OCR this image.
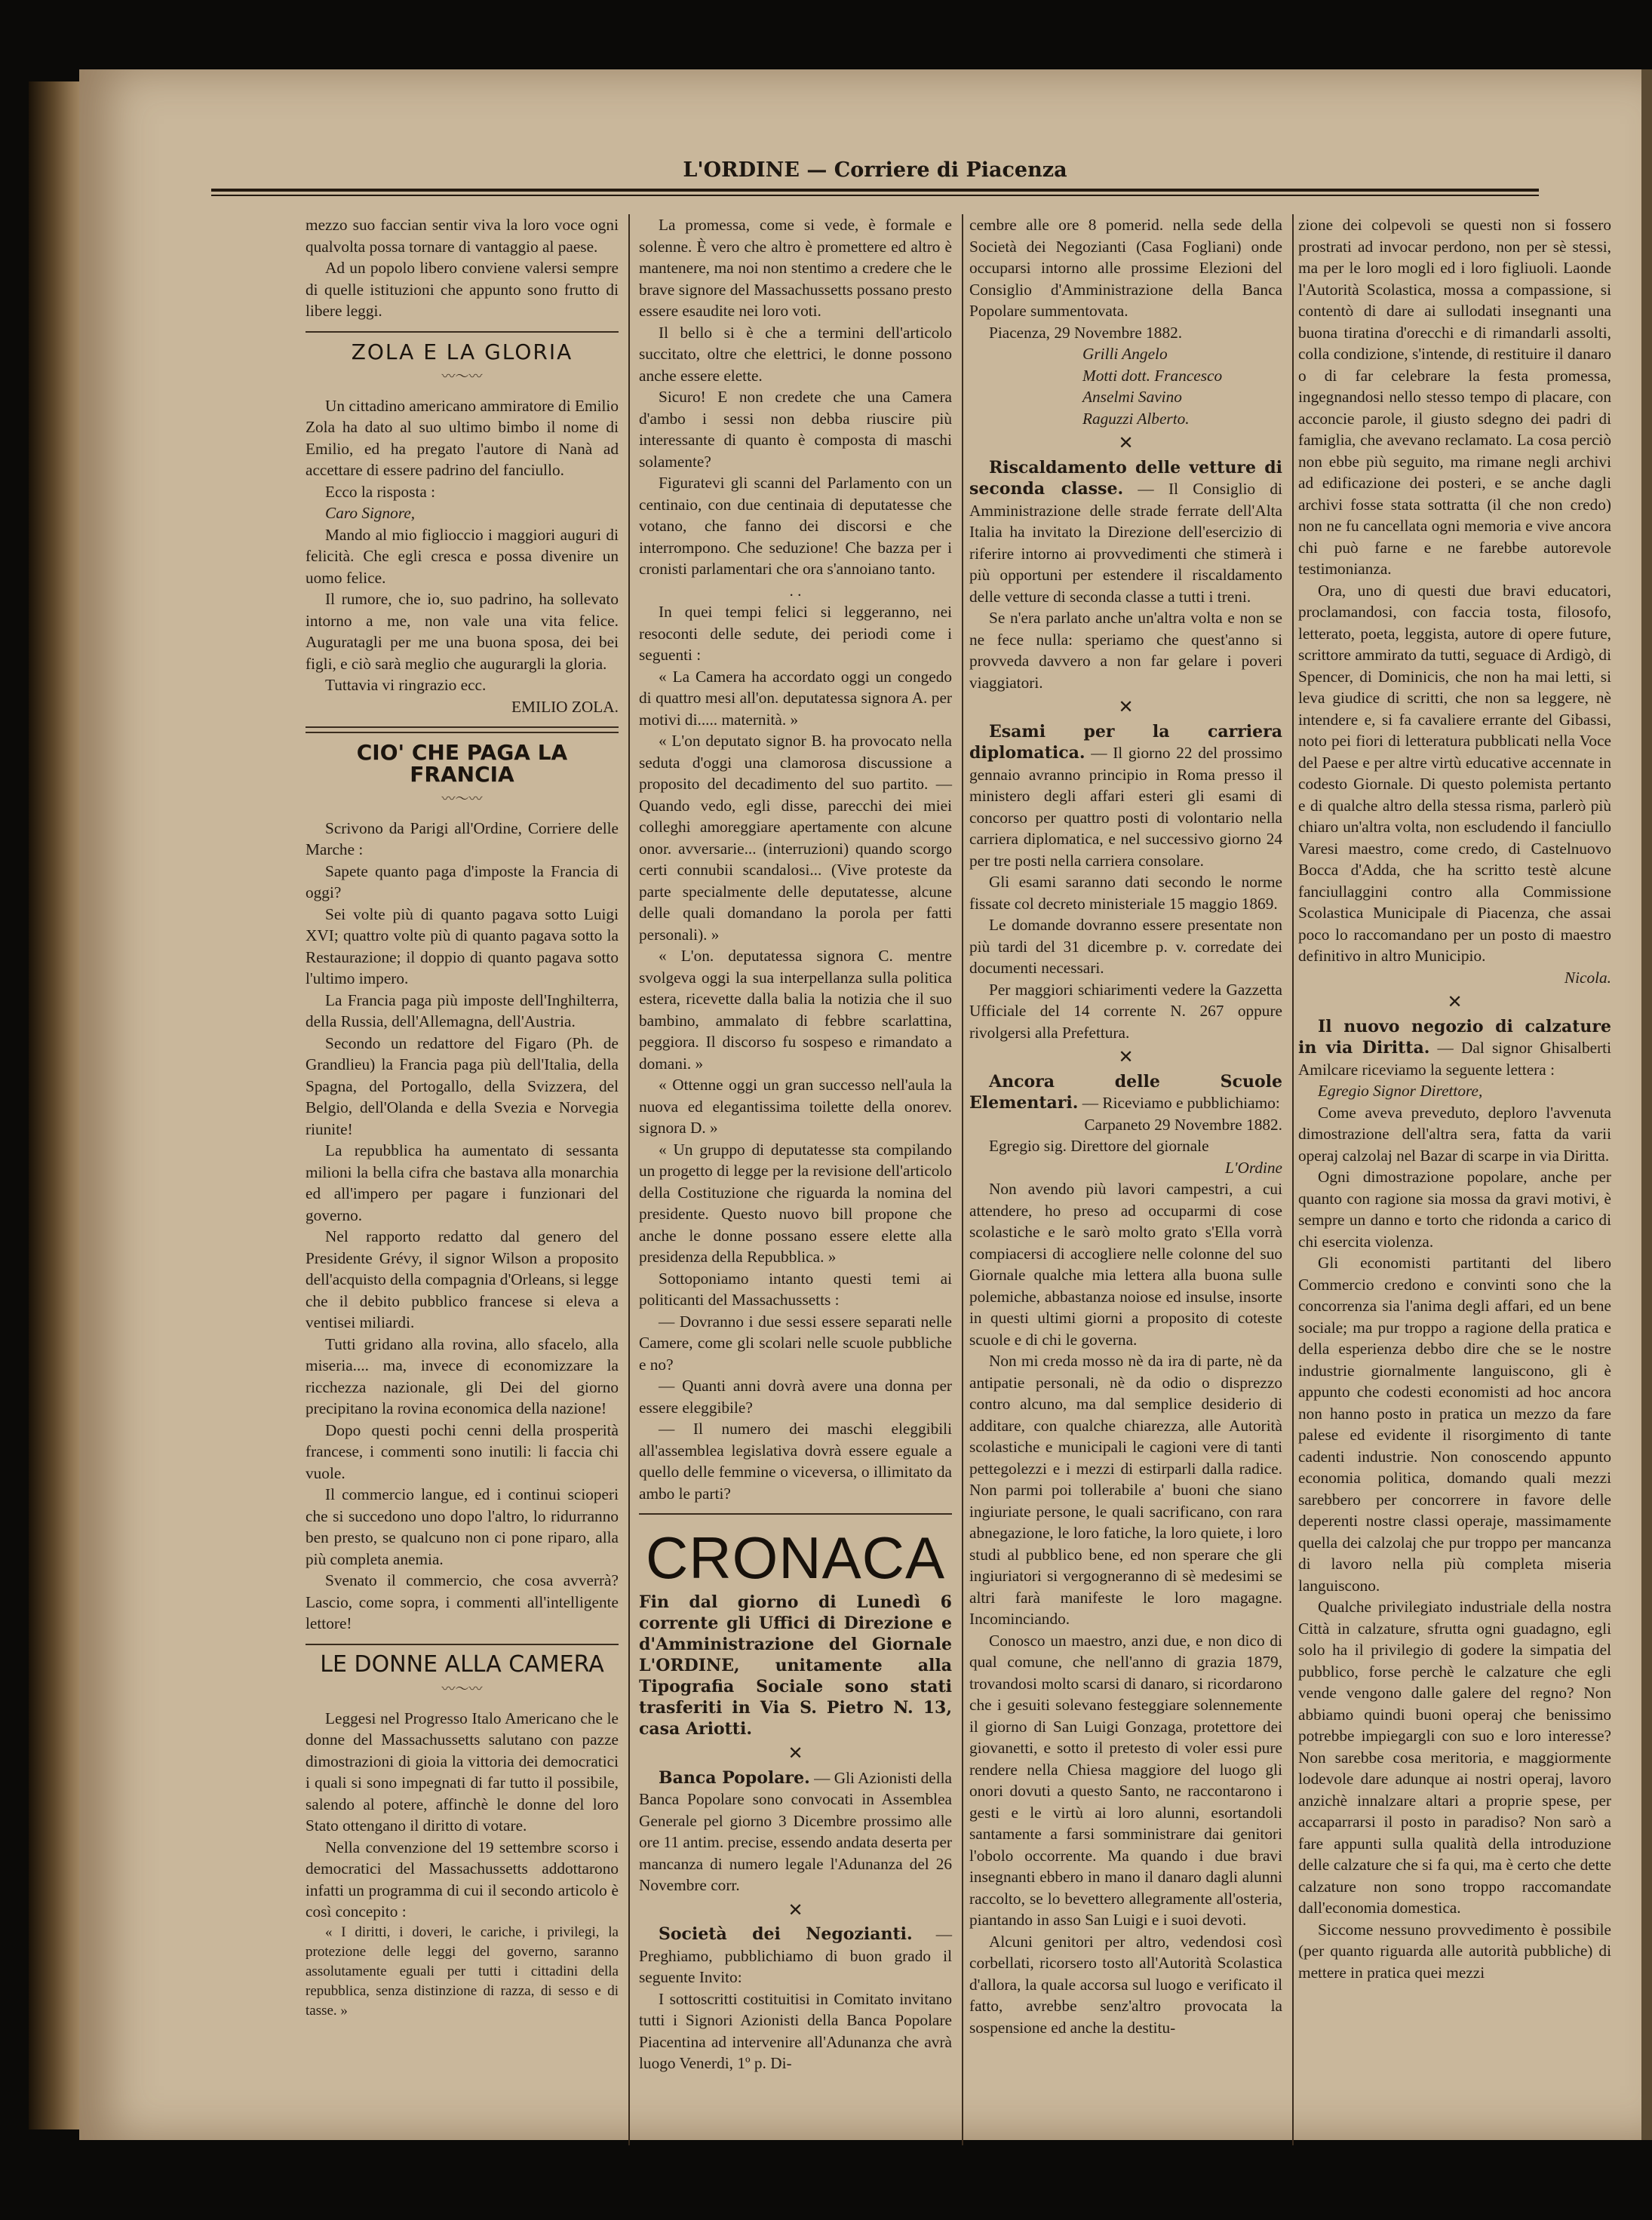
L'ORDINE — Corriere di Piacenza

mezzo suo faccian sentir viva la loro voce ogni qualvolta possa tornare di vantaggio al paese.

Ad un popolo libero conviene valersi sempre di quelle istituzioni che appunto sono frutto di libere leggi.

ZOLA E LA GLORIA
〰〜〰

Un cittadino americano ammiratore di Emilio Zola ha dato al suo ultimo bimbo il nome di Emilio, ed ha pregato l'autore di Nanà ad accettare di essere padrino del fanciullo.

Ecco la risposta :

Caro Signore,

Mando al mio figlioccio i maggiori auguri di felicità. Che egli cresca e possa divenire un uomo felice.

Il rumore, che io, suo padrino, ha sollevato intorno a me, non vale una vita felice. Auguratagli per me una buona sposa, dei bei figli, e ciò sarà meglio che augurargli la gloria.

Tuttavia vi ringrazio ecc.

EMILIO ZOLA.

CIO' CHE PAGA LA FRANCIA
〰〜〰

Scrivono da Parigi all'Ordine, Corriere delle Marche :

Sapete quanto paga d'imposte la Francia di oggi?

Sei volte più di quanto pagava sotto Luigi XVI; quattro volte più di quanto pagava sotto la Restaurazione; il doppio di quanto pagava sotto l'ultimo impero.

La Francia paga più imposte dell'Inghilterra, della Russia, dell'Allemagna, dell'Austria.

Secondo un redattore del Figaro (Ph. de Grandlieu) la Francia paga più dell'Italia, della Spagna, del Portogallo, della Svizzera, del Belgio, dell'Olanda e della Svezia e Norvegia riunite!

La repubblica ha aumentato di sessanta milioni la bella cifra che bastava alla monarchia ed all'impero per pagare i funzionari del governo.

Nel rapporto redatto dal genero del Presidente Grévy, il signor Wilson a proposito dell'acquisto della compagnia d'Orleans, si legge che il debito pubblico francese si eleva a ventisei miliardi.

Tutti gridano alla rovina, allo sfacelo, alla miseria.... ma, invece di economizzare la ricchezza nazionale, gli Dei del giorno precipitano la rovina economica della nazione!

Dopo questi pochi cenni della prosperità francese, i commenti sono inutili: li faccia chi vuole.

Il commercio langue, ed i continui scioperi che si succedono uno dopo l'altro, lo ridurranno ben presto, se qualcuno non ci pone riparo, alla più completa anemia.

Svenato il commercio, che cosa avverrà? Lascio, come sopra, i commenti all'intelligente lettore!

LE DONNE ALLA CAMERA
〰〜〰

Leggesi nel Progresso Italo Americano che le donne del Massachussetts salutano con pazze dimostrazioni di gioia la vittoria dei democratici i quali si sono impegnati di far tutto il possibile, salendo al potere, affinchè le donne del loro Stato ottengano il diritto di votare.

Nella convenzione del 19 settembre scorso i democratici del Massachussetts addottarono infatti un programma di cui il secondo articolo è così concepito :

« I diritti, i doveri, le cariche, i privilegi, la protezione delle leggi del governo, saranno assolutamente eguali per tutti i cittadini della repubblica, senza distinzione di razza, di sesso e di tasse. »

La promessa, come si vede, è formale e solenne. È vero che altro è promettere ed altro è mantenere, ma noi non stentimo a credere che le brave signore del Massachussetts possano presto essere esaudite nei loro voti.

Il bello si è che a termini dell'articolo succitato, oltre che elettrici, le donne possono anche essere elette.

Sicuro! E non credete che una Camera d'ambo i sessi non debba riuscire più interessante di quanto è composta di maschi solamente?

Figuratevi gli scanni del Parlamento con un centinaio, con due centinaia di deputatesse che votano, che fanno dei discorsi e che interrompono. Che seduzione! Che bazza per i cronisti parlamentari che ora s'annoiano tanto.

. .

In quei tempi felici si leggeranno, nei resoconti delle sedute, dei periodi come i seguenti :

« La Camera ha accordato oggi un congedo di quattro mesi all'on. deputatessa signora A. per motivi di..... maternità. »

« L'on deputato signor B. ha provocato nella seduta d'oggi una clamorosa discussione a proposito del decadimento del suo partito. — Quando vedo, egli disse, parecchi dei miei colleghi amoreggiare apertamente con alcune onor. avversarie... (interruzioni) quando scorgo certi connubii scandalosi... (Vive proteste da parte specialmente delle deputatesse, alcune delle quali domandano la porola per fatti personali). »

« L'on. deputatessa signora C. mentre svolgeva oggi la sua interpellanza sulla politica estera, ricevette dalla balia la notizia che il suo bambino, ammalato di febbre scarlattina, peggiora. Il discorso fu sospeso e rimandato a domani. »

« Ottenne oggi un gran successo nell'aula la nuova ed elegantissima toilette della onorev. signora D. »

« Un gruppo di deputatesse sta compilando un progetto di legge per la revisione dell'articolo della Costituzione che riguarda la nomina del presidente. Questo nuovo bill propone che anche le donne possano essere elette alla presidenza della Repubblica. »

Sottoponiamo intanto questi temi ai politicanti del Massachussetts :

— Dovranno i due sessi essere separati nelle Camere, come gli scolari nelle scuole pubbliche e no?

— Quanti anni dovrà avere una donna per essere eleggibile?

— Il numero dei maschi eleggibili all'assemblea legislativa dovrà essere eguale a quello delle femmine o viceversa, o illimitato da ambo le parti?

CRONACA
Fin dal giorno di Lunedì 6 corrente gli Uffici di Direzione e d'Amministrazione del Giornale L'ORDINE, unitamente alla Tipografia Sociale sono stati trasferiti in Via S. Pietro N. 13, casa Ariotti.
✕

Banca Popolare. — Gli Azionisti della Banca Popolare sono convocati in Assemblea Generale pel giorno 3 Dicembre prossimo alle ore 11 antim. precise, essendo andata deserta per mancanza di numero legale l'Adunanza del 26 Novembre corr.

✕

Società dei Negozianti. — Preghiamo, pubblichiamo di buon grado il seguente Invito:

I sottoscritti costituitisi in Comitato invitano tutti i Signori Azionisti della Banca Popolare Piacentina ad intervenire all'Adunanza che avrà luogo Venerdi, 1º p. Di-

cembre alle ore 8 pomerid. nella sede della Società dei Negozianti (Casa Fogliani) onde occuparsi intorno alle prossime Elezioni del Consiglio d'Amministrazione della Banca Popolare summentovata.

Piacenza, 29 Novembre 1882.

Grilli Angelo

Motti dott. Francesco

Anselmi Savino

Raguzzi Alberto.

✕

Riscaldamento delle vetture di seconda classe. — Il Consiglio di Amministrazione delle strade ferrate dell'Alta Italia ha invitato la Direzione dell'esercizio di riferire intorno ai provvedimenti che stimerà i più opportuni per estendere il riscaldamento delle vetture di seconda classe a tutti i treni.

Se n'era parlato anche un'altra volta e non se ne fece nulla: speriamo che quest'anno si provveda davvero a non far gelare i poveri viaggiatori.

✕

Esami per la carriera diplomatica. — Il giorno 22 del prossimo gennaio avranno principio in Roma presso il ministero degli affari esteri gli esami di concorso per quattro posti di volontario nella carriera diplomatica, e nel successivo giorno 24 per tre posti nella carriera consolare.

Gli esami saranno dati secondo le norme fissate col decreto ministeriale 15 maggio 1869.

Le domande dovranno essere presentate non più tardi del 31 dicembre p. v. corredate dei documenti necessari.

Per maggiori schiarimenti vedere la Gazzetta Ufficiale del 14 corrente N. 267 oppure rivolgersi alla Prefettura.

✕

Ancora delle Scuole Elementari. — Riceviamo e pubblichiamo:

Carpaneto 29 Novembre 1882.

Egregio sig. Direttore del giornale

L'Ordine

Non avendo più lavori campestri, a cui attendere, ho preso ad occuparmi di cose scolastiche e le sarò molto grato s'Ella vorrà compiacersi di accogliere nelle colonne del suo Giornale qualche mia lettera alla buona sulle polemiche, abbastanza noiose ed insulse, insorte in questi ultimi giorni a proposito di coteste scuole e di chi le governa.

Non mi creda mosso nè da ira di parte, nè da antipatie personali, nè da odio o disprezzo contro alcuno, ma dal semplice desiderio di additare, con qualche chiarezza, alle Autorità scolastiche e municipali le cagioni vere di tanti pettegolezzi e i mezzi di estirparli dalla radice. Non parmi poi tollerabile a' buoni che siano ingiuriate persone, le quali sacrificano, con rara abnegazione, le loro fatiche, la loro quiete, i loro studi al pubblico bene, ed non sperare che gli ingiuriatori si vergogneranno di sè medesimi se altri farà manifeste le loro magagne. Incominciando.

Conosco un maestro, anzi due, e non dico di qual comune, che nell'anno di grazia 1879, trovandosi molto scarsi di danaro, si ricordarono che i gesuiti solevano festeggiare solennemente il giorno di San Luigi Gonzaga, protettore dei giovanetti, e sotto il pretesto di voler essi pure rendere nella Chiesa maggiore del luogo gli onori dovuti a questo Santo, ne raccontarono i gesti e le virtù ai loro alunni, esortandoli santamente a farsi somministrare dai genitori l'obolo occorrente. Ma quando i due bravi insegnanti ebbero in mano il danaro dagli alunni raccolto, se lo bevettero allegramente all'osteria, piantando in asso San Luigi e i suoi devoti.

Alcuni genitori per altro, vedendosi così corbellati, ricorsero tosto all'Autorità Scolastica d'allora, la quale accorsa sul luogo e verificato il fatto, avrebbe senz'altro provocata la sospensione ed anche la destitu-

zione dei colpevoli se questi non si fossero prostrati ad invocar perdono, non per sè stessi, ma per le loro mogli ed i loro figliuoli. Laonde l'Autorità Scolastica, mossa a compassione, si contentò di dare ai sullodati insegnanti una buona tiratina d'orecchi e di rimandarli assolti, colla condizione, s'intende, di restituire il danaro o di far celebrare la festa promessa, ingegnandosi nello stesso tempo di placare, con acconcie parole, il giusto sdegno dei padri di famiglia, che avevano reclamato. La cosa perciò non ebbe più seguito, ma rimane negli archivi ad edificazione dei posteri, e se anche dagli archivi fosse stata sottratta (il che non credo) non ne fu cancellata ogni memoria e vive ancora chi può farne e ne farebbe autorevole testimonianza.

Ora, uno di questi due bravi educatori, proclamandosi, con faccia tosta, filosofo, letterato, poeta, leggista, autore di opere future, scrittore ammirato da tutti, seguace di Ardigò, di Spencer, di Dominicis, che non ha mai letti, si leva giudice di scritti, che non sa leggere, nè intendere e, si fa cavaliere errante del Gibassi, noto pei fiori di letteratura pubblicati nella Voce del Paese e per altre virtù educative accennate in codesto Giornale. Di questo polemista pertanto e di qualche altro della stessa risma, parlerò più chiaro un'altra volta, non escludendo il fanciullo Varesi maestro, come credo, di Castelnuovo Bocca d'Adda, che ha scritto testè alcune fanciullaggini contro alla Commissione Scolastica Municipale di Piacenza, che assai poco lo raccomandano per un posto di maestro definitivo in altro Municipio.

Nicola.

✕

Il nuovo negozio di calzature in via Diritta. — Dal signor Ghisalberti Amilcare riceviamo la seguente lettera :

Egregio Signor Direttore,

Come aveva preveduto, deploro l'avvenuta dimostrazione dell'altra sera, fatta da varii operaj calzolaj nel Bazar di scarpe in via Diritta.

Ogni dimostrazione popolare, anche per quanto con ragione sia mossa da gravi motivi, è sempre un danno e torto che ridonda a carico di chi esercita violenza.

Gli economisti partitanti del libero Commercio credono e convinti sono che la concorrenza sia l'anima degli affari, ed un bene sociale; ma pur troppo a ragione della pratica e della esperienza debbo dire che se le nostre industrie giornalmente languiscono, gli è appunto che codesti economisti ad hoc ancora non hanno posto in pratica un mezzo da fare palese ed evidente il risorgimento di tante cadenti industrie. Non conoscendo appunto economia politica, domando quali mezzi sarebbero per concorrere in favore delle deperenti nostre classi operaje, massimamente quella dei calzolaj che pur troppo per mancanza di lavoro nella più completa miseria languiscono.

Qualche privilegiato industriale della nostra Città in calzature, sfrutta ogni guadagno, egli solo ha il privilegio di godere la simpatia del pubblico, forse perchè le calzature che egli vende vengono dalle galere del regno? Non abbiamo quindi buoni operaj che benissimo potrebbe impiegargli con suo e loro interesse? Non sarebbe cosa meritoria, e maggiormente lodevole dare adunque ai nostri operaj, lavoro anzichè innalzare altari a proprie spese, per accaparrarsi il posto in paradiso? Non sarò a fare appunti sulla qualità della introduzione delle calzature che si fa qui, ma è certo che dette calzature non sono troppo raccomandate dall'economia domestica.

Siccome nessuno provvedimento è possibile (per quanto riguarda alle autorità pubbliche) di mettere in pratica quei mezzi
